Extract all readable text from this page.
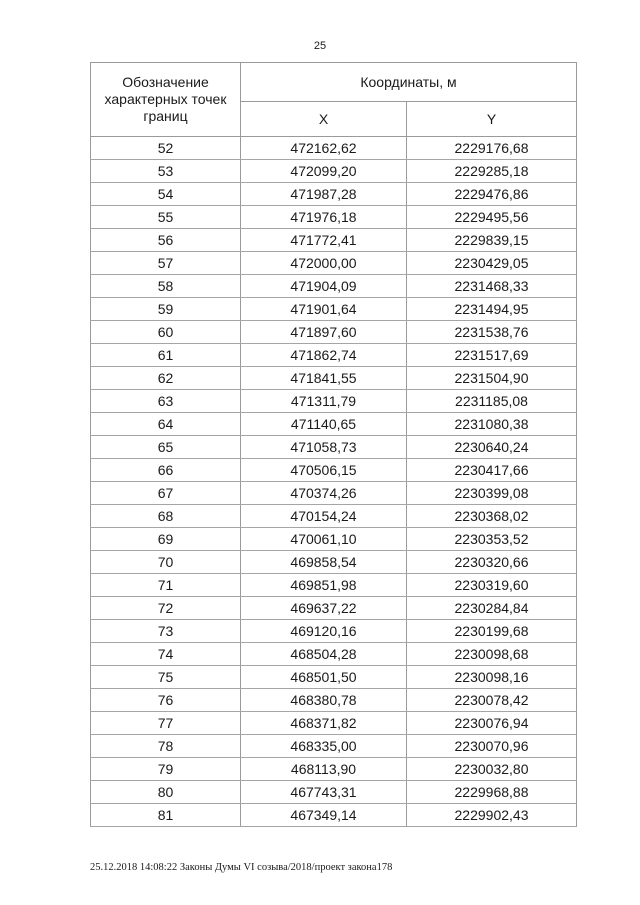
25
Обозначение характерных точек границ	Координаты, м	
	X	Y
52	472162,62	2229176,68
53	472099,20	2229285,18
54	471987,28	2229476,86
55	471976,18	2229495,56
56	471772,41	2229839,15
57	472000,00	2230429,05
58	471904,09	2231468,33
59	471901,64	2231494,95
60	471897,60	2231538,76
61	471862,74	2231517,69
62	471841,55	2231504,90
63	471311,79	2231185,08
64	471140,65	2231080,38
65	471058,73	2230640,24
66	470506,15	2230417,66
67	470374,26	2230399,08
68	470154,24	2230368,02
69	470061,10	2230353,52
70	469858,54	2230320,66
71	469851,98	2230319,60
72	469637,22	2230284,84
73	469120,16	2230199,68
74	468504,28	2230098,68
75	468501,50	2230098,16
76	468380,78	2230078,42
77	468371,82	2230076,94
78	468335,00	2230070,96
79	468113,90	2230032,80
80	467743,31	2229968,88
81	467349,14	2229902,43
25.12.2018 14:08:22 Законы Думы VI созыва/2018/проект закона178
